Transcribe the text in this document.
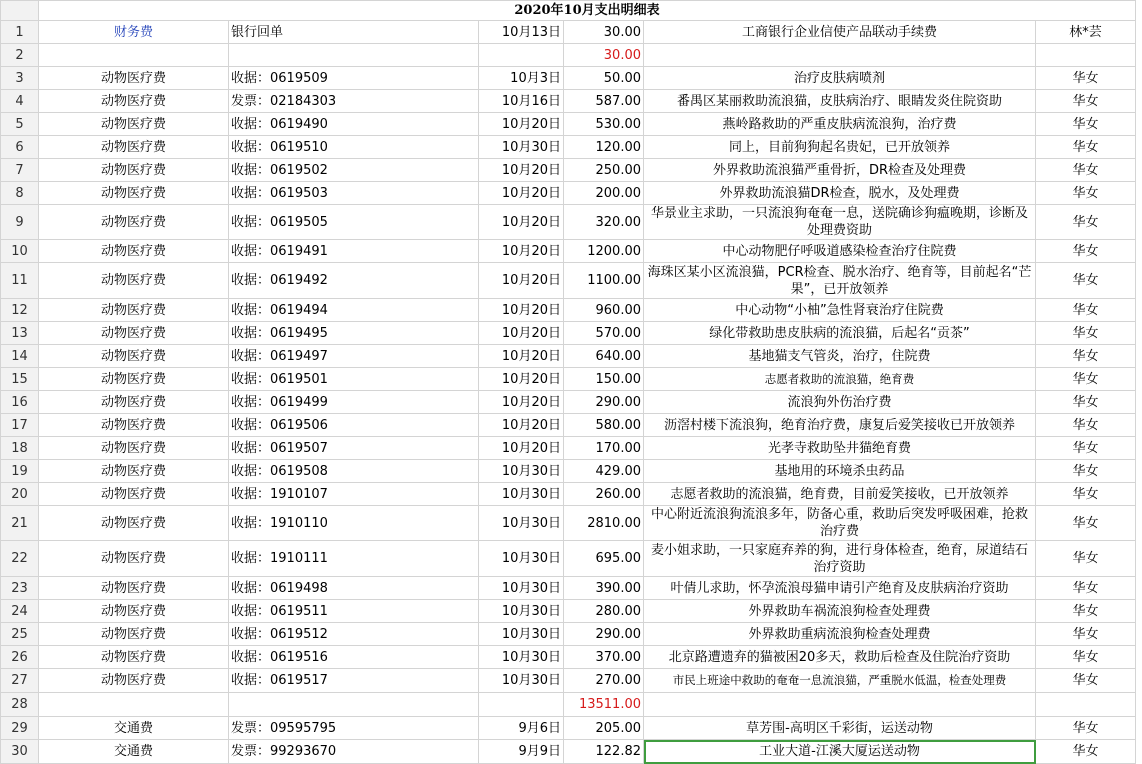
	2020年10月支出明细表					
1	财务费	银行回单	10月13日	30.00	工商银行企业信使产品联动手续费	林*芸
2				30.00		
3	动物医疗费	收据：0619509	10月3日	50.00	治疗皮肤病喷剂	华女
4	动物医疗费	发票：02184303	10月16日	587.00	番禺区某丽救助流浪猫，皮肤病治疗、眼睛发炎住院资助	华女
5	动物医疗费	收据：0619490	10月20日	530.00	燕岭路救助的严重皮肤病流浪狗，治疗费	华女
6	动物医疗费	收据：0619510	10月30日	120.00	同上，目前狗狗起名贵妃，已开放领养	华女
7	动物医疗费	收据：0619502	10月20日	250.00	外界救助流浪猫严重骨折，DR检查及处理费	华女
8	动物医疗费	收据：0619503	10月20日	200.00	外界救助流浪猫DR检查，脱水，及处理费	华女
9	动物医疗费	收据：0619505	10月20日	320.00	华景业主求助，一只流浪狗奄奄一息，送院确诊狗瘟晚期，诊断及处理费资助	华女
10	动物医疗费	收据：0619491	10月20日	1200.00	中心动物肥仔呼吸道感染检查治疗住院费	华女
11	动物医疗费	收据：0619492	10月20日	1100.00	海珠区某小区流浪猫，PCR检查、脱水治疗、绝育等，目前起名“芒果”，已开放领养	华女
12	动物医疗费	收据：0619494	10月20日	960.00	中心动物“小柚”急性肾衰治疗住院费	华女
13	动物医疗费	收据：0619495	10月20日	570.00	绿化带救助患皮肤病的流浪猫，后起名“贡茶”	华女
14	动物医疗费	收据：0619497	10月20日	640.00	基地猫支气管炎，治疗，住院费	华女
15	动物医疗费	收据：0619501	10月20日	150.00	志愿者救助的流浪猫，绝育费	华女
16	动物医疗费	收据：0619499	10月20日	290.00	流浪狗外伤治疗费	华女
17	动物医疗费	收据：0619506	10月20日	580.00	沥滘村楼下流浪狗，绝育治疗费，康复后爱笑接收已开放领养	华女
18	动物医疗费	收据：0619507	10月20日	170.00	光孝寺救助坠井猫绝育费	华女
19	动物医疗费	收据：0619508	10月30日	429.00	基地用的环境杀虫药品	华女
20	动物医疗费	收据：1910107	10月30日	260.00	志愿者救助的流浪猫，绝育费，目前爱笑接收，已开放领养	华女
21	动物医疗费	收据：1910110	10月30日	2810.00	中心附近流浪狗流浪多年，防备心重，救助后突发呼吸困难，抢救治疗费	华女
22	动物医疗费	收据：1910111	10月30日	695.00	麦小姐求助，一只家庭弃养的狗，进行身体检查，绝育，尿道结石治疗资助	华女
23	动物医疗费	收据：0619498	10月30日	390.00	叶倩儿求助，怀孕流浪母猫申请引产绝育及皮肤病治疗资助	华女
24	动物医疗费	收据：0619511	10月30日	280.00	外界救助车祸流浪狗检查处理费	华女
25	动物医疗费	收据：0619512	10月30日	290.00	外界救助重病流浪狗检查处理费	华女
26	动物医疗费	收据：0619516	10月30日	370.00	北京路遭遗弃的猫被困20多天，救助后检查及住院治疗资助	华女
27	动物医疗费	收据：0619517	10月30日	270.00	市民上班途中救助的奄奄一息流浪猫，严重脱水低温，检查处理费	华女
28				13511.00		
29	交通费	发票：09595795	9月6日	205.00	草芳围-高明区千彩街，运送动物	华女
30	交通费	发票：99293670	9月9日	122.82	工业大道-江溪大厦运送动物	华女
